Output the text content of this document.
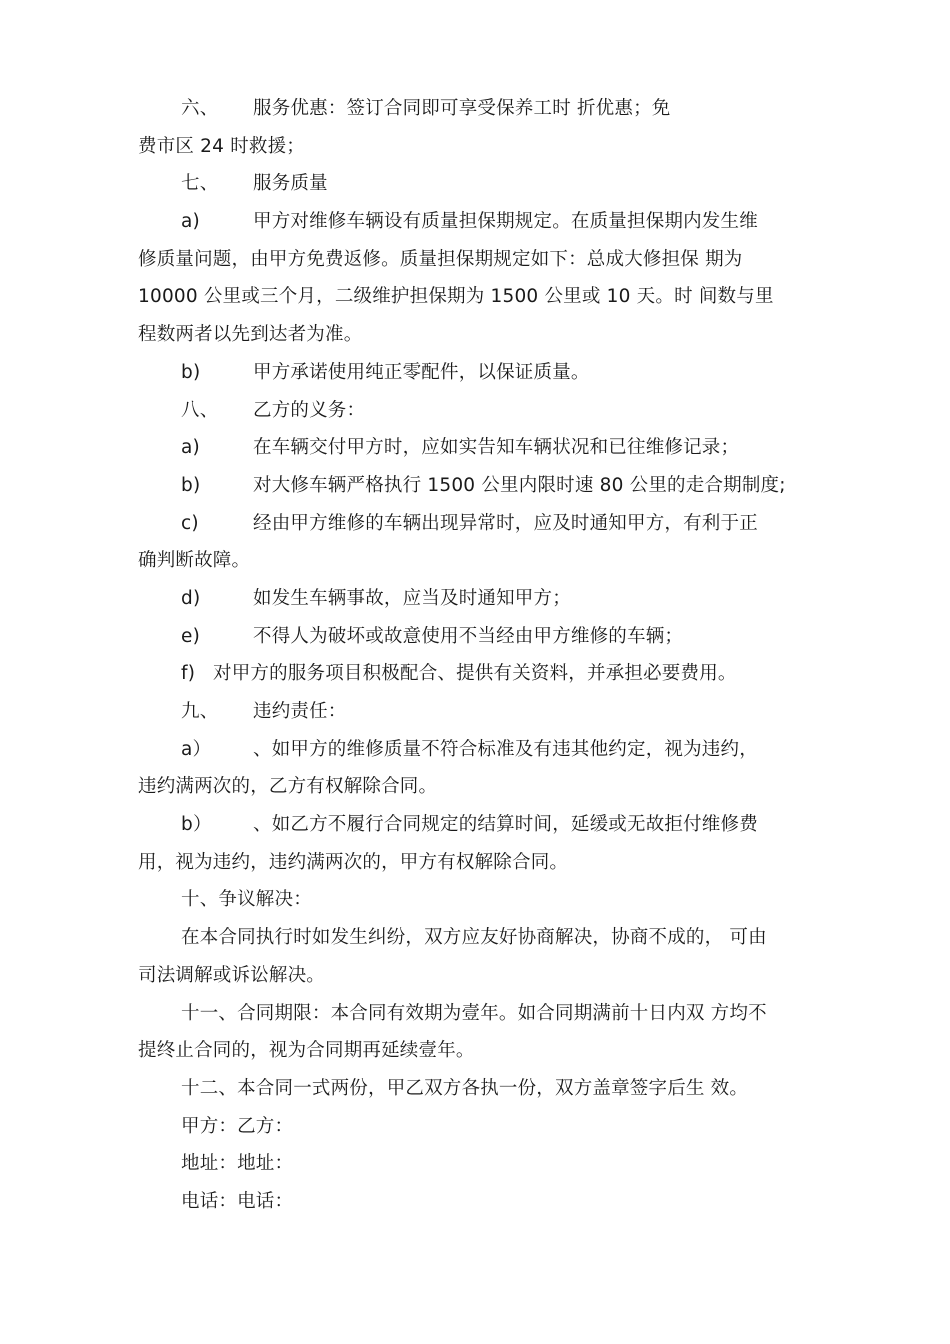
六、 服务优惠：签订合同即可享受保养工时 折优惠；免
费市区 24 时救援；
七、 服务质量
a)	甲方对维修车辆设有质量担保期规定。在质量担保期内发生维
修质量问题，由甲方免费返修。质量担保期规定如下：总成大修担保 期为
10000 公里或三个月，二级维护担保期为 1500 公里或 10 天。时 间数与里
程数两者以先到达者为准。
b)	甲方承诺使用纯正零配件，以保证质量。
八、 乙方的义务：
a)	在车辆交付甲方时，应如实告知车辆状况和已往维修记录；
b)	对大修车辆严格执行 1500 公里内限时速 80 公里的走合期制度;
c)	经由甲方维修的车辆出现异常时，应及时通知甲方，有利于正
确判断故障。
d)	如发生车辆事故，应当及时通知甲方；
e)	不得人为破坏或故意使用不当经由甲方维修的车辆；
f) 对甲方的服务项目积极配合、提供有关资料，并承担必要费用。
九、 违约责任：
a） 、如甲方的维修质量不符合标准及有违其他约定，视为违约，
违约满两次的，乙方有权解除合同。
b） 、如乙方不履行合同规定的结算时间，延缓或无故拒付维修费
用，视为违约，违约满两次的，甲方有权解除合同。
十、争议解决：
在本合同执行时如发生纠纷，双方应友好协商解决，协商不成的， 可由
司法调解或诉讼解决。
十一、合同期限：本合同有效期为壹年。如合同期满前十日内双 方均不
提终止合同的，视为合同期再延续壹年。
十二、本合同一式两份，甲乙双方各执一份，双方盖章签字后生 效。
甲方：乙方：
地址：地址：
电话：电话：
